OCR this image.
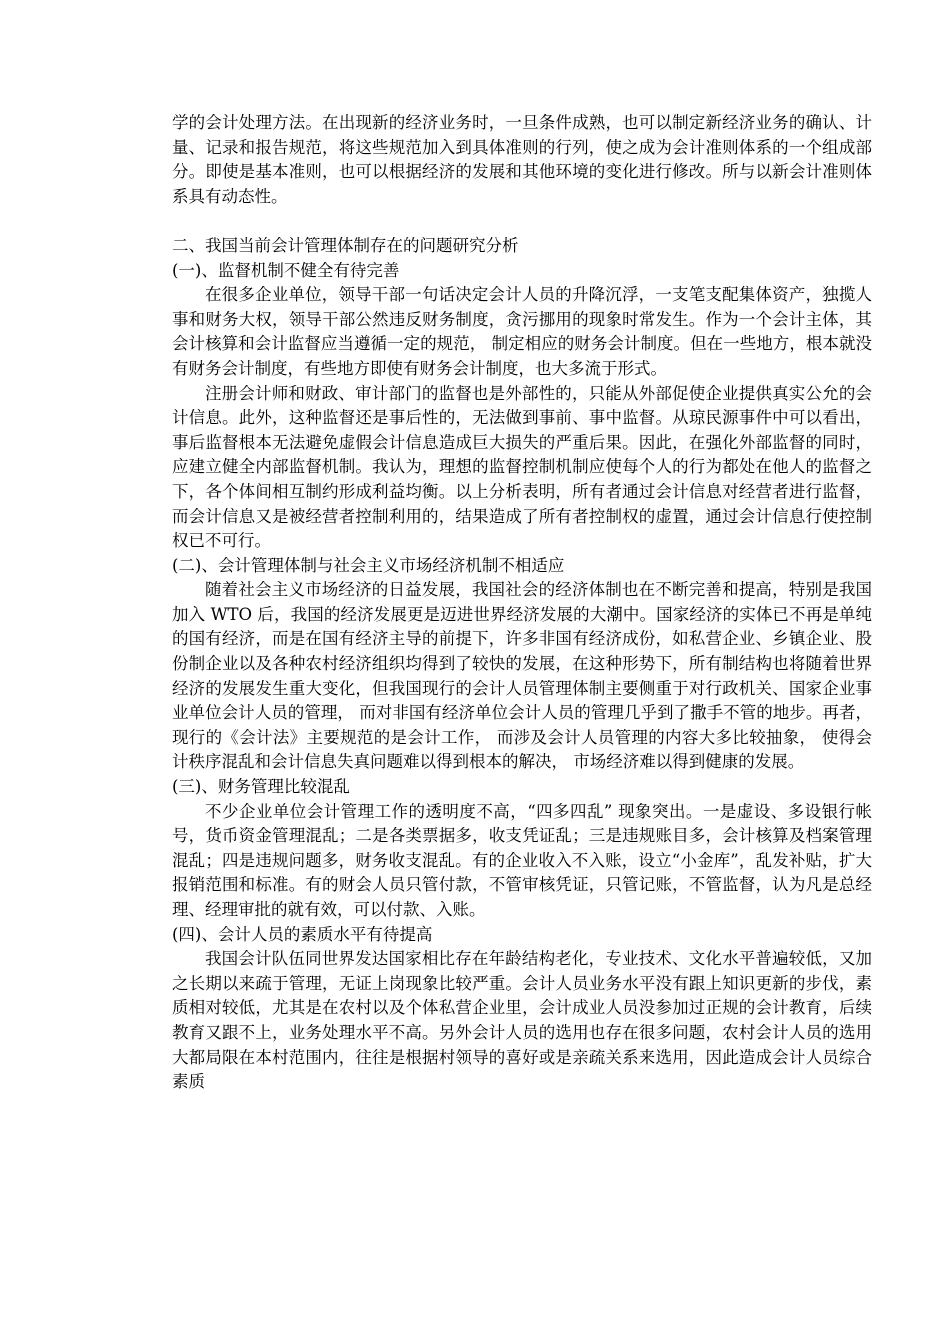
学的会计处理方法。在出现新的经济业务时，一旦条件成熟，也可以制定新经济业务的确认、计量、记录和报告规范，将这些规范加入到具体准则的行列，使之成为会计准则体系的一个组成部分。即使是基本准则，也可以根据经济的发展和其他环境的变化进行修改。所与以新会计准则体系具有动态性。

二、我国当前会计管理体制存在的问题研究分析
(一)、监督机制不健全有待完善

在很多企业单位，领导干部一句话决定会计人员的升降沉浮，一支笔支配集体资产，独揽人事和财务大权，领导干部公然违反财务制度，贪污挪用的现象时常发生。作为一个会计主体，其会计核算和会计监督应当遵循一定的规范， 制定相应的财务会计制度。但在一些地方，根本就没有财务会计制度，有些地方即使有财务会计制度，也大多流于形式。

注册会计师和财政、审计部门的监督也是外部性的，只能从外部促使企业提供真实公允的会计信息。此外，这种监督还是事后性的，无法做到事前、事中监督。从琼民源事件中可以看出，事后监督根本无法避免虚假会计信息造成巨大损失的严重后果。因此，在强化外部监督的同时，应建立健全内部监督机制。我认为，理想的监督控制机制应使每个人的行为都处在他人的监督之下，各个体间相互制约形成利益均衡。以上分析表明，所有者通过会计信息对经营者进行监督，而会计信息又是被经营者控制利用的，结果造成了所有者控制权的虚置，通过会计信息行使控制权已不可行。

(二)、会计管理体制与社会主义市场经济机制不相适应

随着社会主义市场经济的日益发展，我国社会的经济体制也在不断完善和提高，特别是我国加入 WTO 后，我国的经济发展更是迈进世界经济发展的大潮中。国家经济的实体已不再是单纯的国有经济，而是在国有经济主导的前提下，许多非国有经济成份，如私营企业、乡镇企业、股份制企业以及各种农村经济组织均得到了较快的发展，在这种形势下，所有制结构也将随着世界经济的发展发生重大变化，但我国现行的会计人员管理体制主要侧重于对行政机关、国家企业事业单位会计人员的管理， 而对非国有经济单位会计人员的管理几乎到了撒手不管的地步。再者， 现行的《会计法》主要规范的是会计工作， 而涉及会计人员管理的内容大多比较抽象， 使得会计秩序混乱和会计信息失真问题难以得到根本的解决， 市场经济难以得到健康的发展。

(三)、财务管理比较混乱

不少企业单位会计管理工作的透明度不高，“四多四乱” 现象突出。一是虚设、多设银行帐号，货币资金管理混乱；二是各类票据多，收支凭证乱；三是违规账目多，会计核算及档案管理混乱；四是违规问题多，财务收支混乱。有的企业收入不入账，设立“小金库”，乱发补贴，扩大报销范围和标准。有的财会人员只管付款，不管审核凭证，只管记账，不管监督，认为凡是总经理、经理审批的就有效，可以付款、入账。

(四)、会计人员的素质水平有待提高

我国会计队伍同世界发达国家相比存在年龄结构老化，专业技术、文化水平普遍较低，又加之长期以来疏于管理，无证上岗现象比较严重。会计人员业务水平没有跟上知识更新的步伐，素质相对较低，尤其是在农村以及个体私营企业里，会计成业人员没参加过正规的会计教育，后续教育又跟不上，业务处理水平不高。另外会计人员的选用也存在很多问题，农村会计人员的选用大都局限在本村范围内，往往是根据村领导的喜好或是亲疏关系来选用，因此造成会计人员综合素质
